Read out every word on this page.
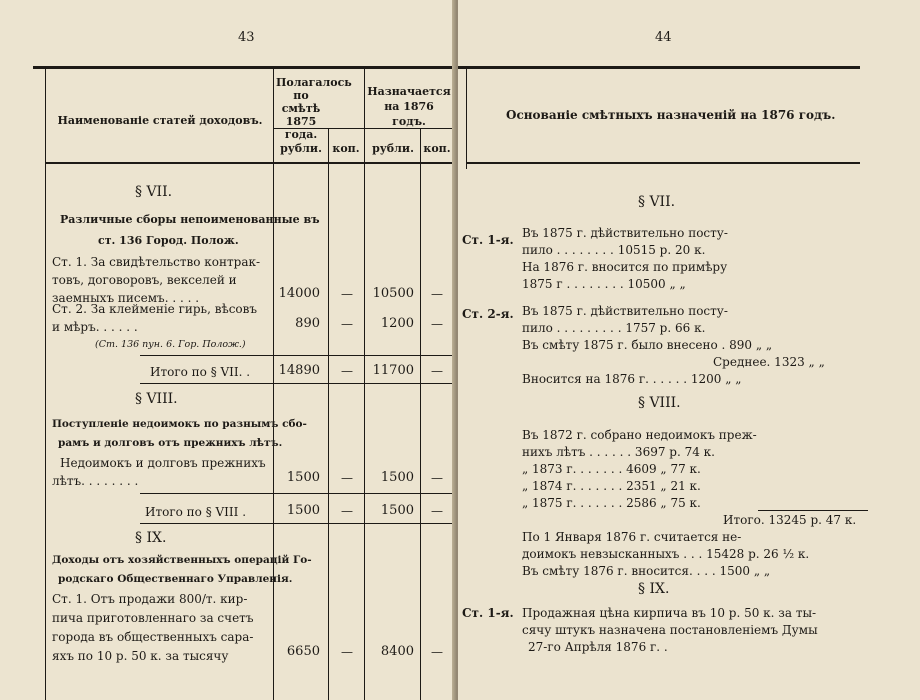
43
Наименованіе статей доходовъ.
Полагалось по смѣтѣ 1875 года.
Назначается на 1876 годъ.
рубли. коп.	рубли. коп.
§ VII.
Различные сборы непоименованные въ
ст. 136 Город. Полож.
Ст. 1. За свидѣтельство контрак-
товъ, договоровъ, векселей и
заемныхъ писемъ. . . . .	14000	—	10500	—
Ст. 2. За клейменіе гирь, вѣсовъ
и мѣръ. . . . . .	890	—	1200	—
(Ст. 136 пун. 6. Гор. Полож.)
Итого по § VII. .	14890	—	11700	—
§ VIII.
Поступленіе недоимокъ по разнымъ сбо-
рамъ и долговъ отъ прежнихъ лѣтъ.
Недоимокъ и долговъ прежнихъ
лѣтъ. . . . . . . .	1500	—	1500	—
Итого по § VIII .	1500	—	1500	—
§ IX.
Доходы отъ хозяйственныхъ операцій Го-
родскаго Общественнаго Управленія.
Ст. 1. Отъ продажи 800/т. кир-
пича приготовленнаго за счетъ
города въ общественныхъ сара-
яхъ по 10 р. 50 к. за тысячу	6650	—	8400	—
44
Основаніе смѣтныхъ назначеній на 1876 годъ.
§ VII.
Ст. 1-я. Въ 1875 г. дѣйствительно посту-
пило . . . . . . . . 10515 р. 20 к.
На 1876 г. вносится по примѣру
1875 г . . . . . . . . 10500 „ „
Ст. 2-я. Въ 1875 г. дѣйствительно посту-
пило . . . . . . . . . 1757 р. 66 к.
Въ смѣту 1875 г. было внесено . 890 „ „
Среднее. 1323 „ „
Вносится на 1876 г. . . . . . 1200 „ „
§ VIII.
Въ 1872 г. собрано недоимокъ преж-
нихъ лѣтъ . . . . . . 3697 р. 74 к.
„ 1873 г. . . . . . . 4609 „ 77 к.
„ 1874 г. . . . . . . 2351 „ 21 к.
„ 1875 г. . . . . . . 2586 „ 75 к.
Итого. 13245 р. 47 к.
По 1 Января 1876 г. считается не-
доимокъ невзысканныхъ . . . 15428 р. 26 ½ к.
Въ смѣту 1876 г. вносится. . . . 1500 „ „
§ IX.
Ст. 1-я. Продажная цѣна кирпича въ 10 р. 50 к. за ты-
сячу штукъ назначена постановленіемъ Думы
27-го Апрѣля 1876 г. .
